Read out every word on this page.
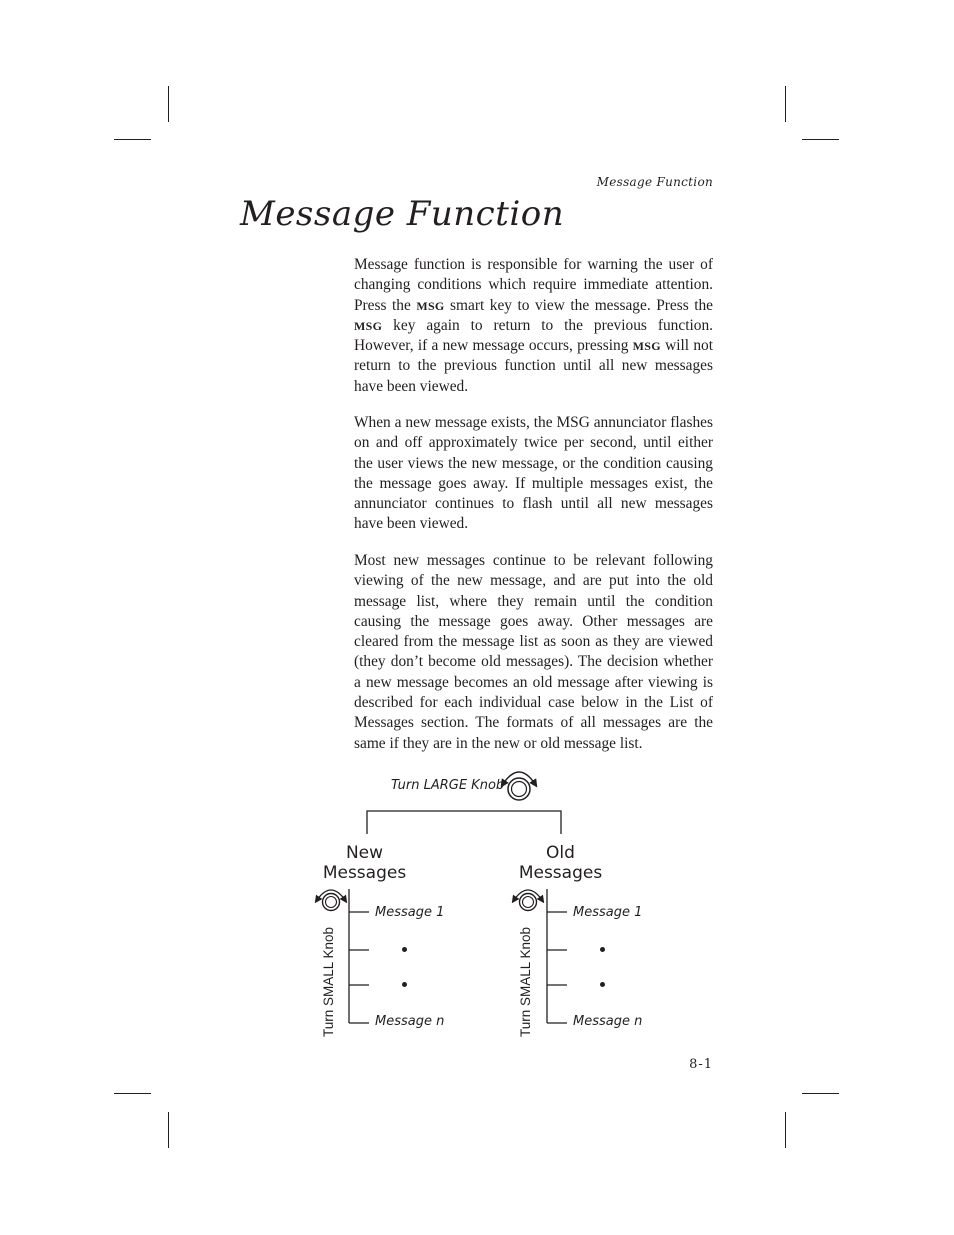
Message Function
Message Function

Message function is responsible for warning the user of changing conditions which require immediate attention. Press the MSG smart key to view the message. Press the MSG key again to return to the previous function. However, if a new message occurs, pressing MSG will not return to the previous function until all new messages have been viewed.

When a new message exists, the MSG annunciator flashes on and off approximately twice per second, until either the user views the new message, or the condition causing the message goes away. If multiple messages exist, the annunciator continues to flash until all new messages have been viewed.

Most new messages continue to be relevant following viewing of the new message, and are put into the old message list, where they remain until the condition causing the message goes away. Other messages are cleared from the message list as soon as they are viewed (they don’t become old messages). The decision whether a new message becomes an old message after viewing is described for each individual case below in the List of Messages section. The formats of all messages are the same if they are in the new or old message list.

Turn LARGE Knob
New
Messages
Old
Messages
Turn SMALL Knob	Turn SMALL Knob
Message 1
Message n
Message 1
Message n
8-1
